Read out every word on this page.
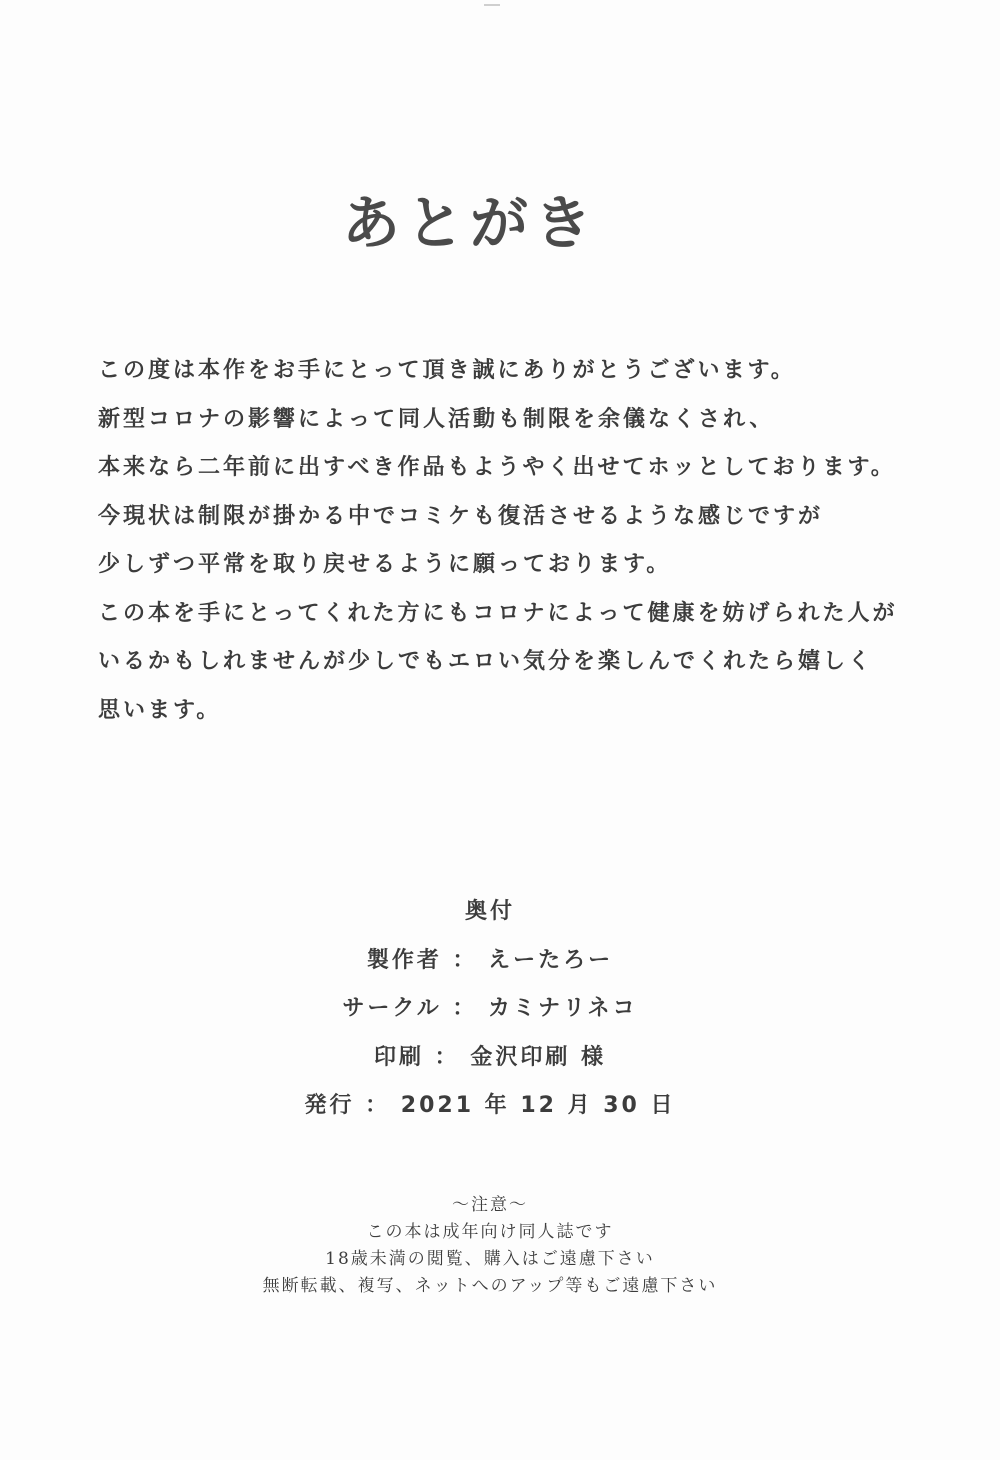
あとがき
この度は本作をお手にとって頂き誠にありがとうございます。
新型コロナの影響によって同人活動も制限を余儀なくされ、
本来なら二年前に出すべき作品もようやく出せてホッとしております。
今現状は制限が掛かる中でコミケも復活させるような感じですが
少しずつ平常を取り戻せるように願っております。
この本を手にとってくれた方にもコロナによって健康を妨げられた人が
いるかもしれませんが少しでもエロい気分を楽しんでくれたら嬉しく
思います。
奥付
製作者 ： えーたろー
サークル ： カミナリネコ
印刷 ： 金沢印刷 様
発行 ： 2021 年 12 月 30 日
～注意～
この本は成年向け同人誌です
18歳未満の閲覧、購入はご遠慮下さい
無断転載、複写、ネットへのアップ等もご遠慮下さい
